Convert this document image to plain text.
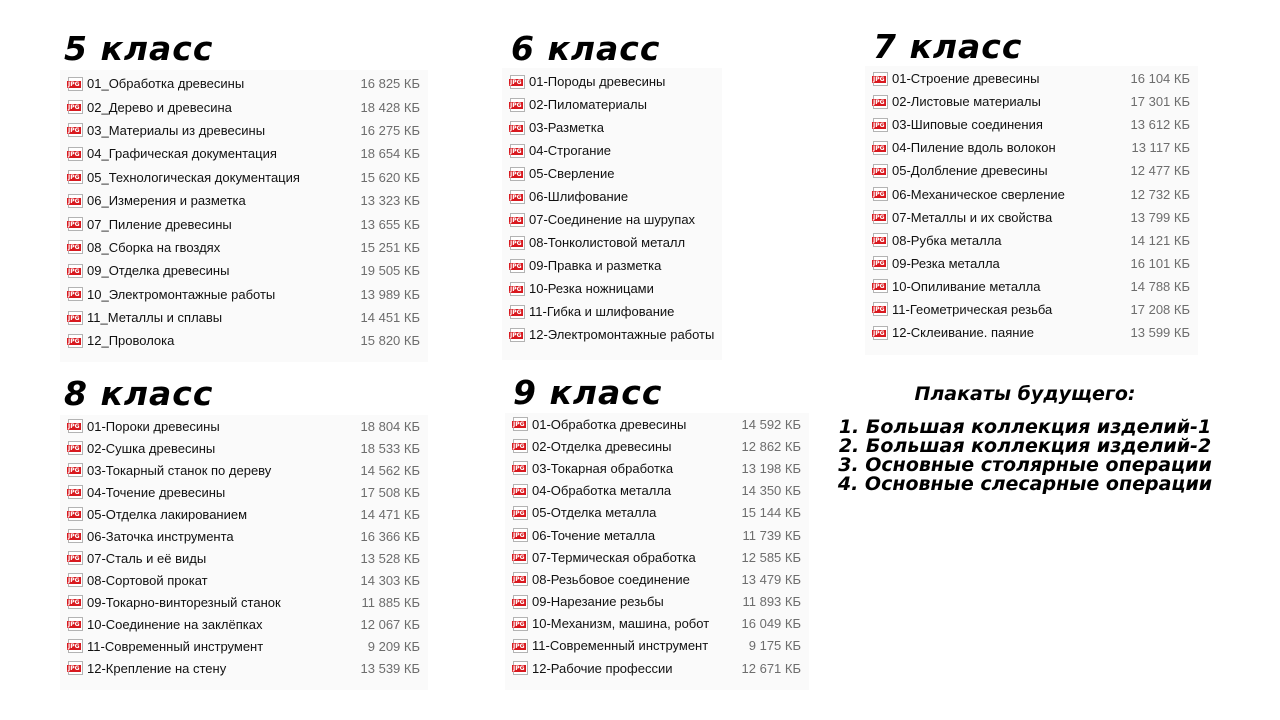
5 класс	6 класс	7 класс
8 класс	9 класс
JPG 01_Обработка древесины	16 825 КБ
JPG 02_Дерево и древесина	18 428 КБ
JPG 03_Материалы из древесины	16 275 КБ
JPG 04_Графическая документация	18 654 КБ
JPG 05_Технологическая документация	15 620 КБ
JPG 06_Измерения и разметка	13 323 КБ
JPG 07_Пиление древесины	13 655 КБ
JPG 08_Сборка на гвоздях	15 251 КБ
JPG 09_Отделка древесины	19 505 КБ
JPG 10_Электромонтажные работы	13 989 КБ
JPG 11_Металлы и сплавы	14 451 КБ
JPG 12_Проволока	15 820 КБ
JPG 01-Породы древесины
JPG 02-Пиломатериалы
JPG 03-Разметка
JPG 04-Строгание
JPG 05-Сверление
JPG 06-Шлифование
JPG 07-Соединение на шурупах
JPG 08-Тонколистовой металл
JPG 09-Правка и разметка
JPG 10-Резка ножницами
JPG 11-Гибка и шлифование
JPG 12-Электромонтажные работы
JPG 01-Строение древесины	16 104 КБ
JPG 02-Листовые материалы	17 301 КБ
JPG 03-Шиповые соединения	13 612 КБ
JPG 04-Пиление вдоль волокон	13 117 КБ
JPG 05-Долбление древесины	12 477 КБ
JPG 06-Механическое сверление	12 732 КБ
JPG 07-Металлы и их свойства	13 799 КБ
JPG 08-Рубка металла	14 121 КБ
JPG 09-Резка металла	16 101 КБ
JPG 10-Опиливание металла	14 788 КБ
JPG 11-Геометрическая резьба	17 208 КБ
JPG 12-Склеивание. паяние	13 599 КБ
JPG 01-Пороки древесины	18 804 КБ
JPG 02-Сушка древесины	18 533 КБ
JPG 03-Токарный станок по дереву	14 562 КБ
JPG 04-Точение древесины	17 508 КБ
JPG 05-Отделка лакированием	14 471 КБ
JPG 06-Заточка инструмента	16 366 КБ
JPG 07-Сталь и её виды	13 528 КБ
JPG 08-Сортовой прокат	14 303 КБ
JPG 09-Токарно-винторезный станок	11 885 КБ
JPG 10-Соединение на заклёпках	12 067 КБ
JPG 11-Современный инструмент	9 209 КБ
JPG 12-Крепление на стену	13 539 КБ
JPG 01-Обработка древесины	14 592 КБ
JPG 02-Отделка древесины	12 862 КБ
JPG 03-Токарная обработка	13 198 КБ
JPG 04-Обработка металла	14 350 КБ
JPG 05-Отделка металла	15 144 КБ
JPG 06-Точение металла	11 739 КБ
JPG 07-Термическая обработка	12 585 КБ
JPG 08-Резьбовое соединение	13 479 КБ
JPG 09-Нарезание резьбы	11 893 КБ
JPG 10-Механизм, машина, робот	16 049 КБ
JPG 11-Современный инструмент	9 175 КБ
JPG 12-Рабочие профессии	12 671 КБ
Плакаты будущего:
1. Большая коллекция изделий-1
2. Большая коллекция изделий-2
3. Основные столярные операции
4. Основные слесарные операции
